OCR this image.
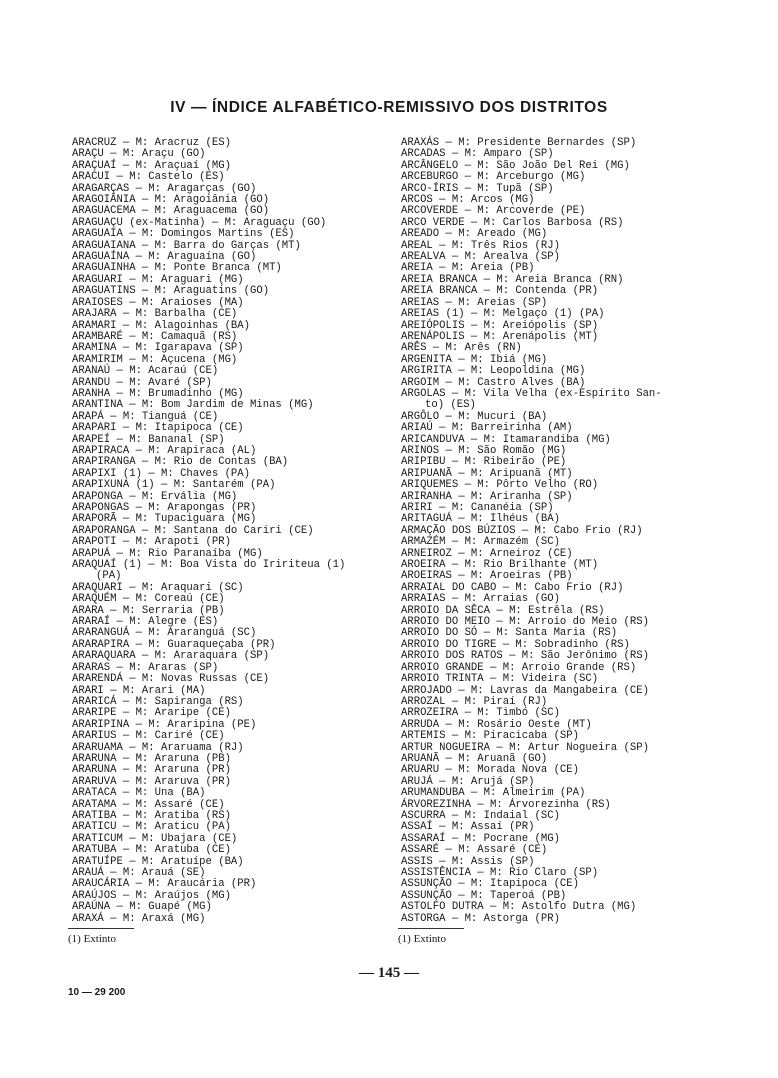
IV — ÍNDICE ALFABÉTICO-REMISSIVO DOS DISTRITOS
ARACRUZ — M: Aracruz (ES)
ARAÇU — M: Araçu (GO)
ARAÇUAÍ — M: Araçuaí (MG)
ARACUI — M: Castelo (ES)
ARAGARÇAS — M: Aragarças (GO)
ARAGOIÂNIA — M: Aragoiânia (GO)
ARAGUACEMA — M: Araguacema (GO)
ARAGUAÇU (ex-Matinha) — M: Araguaçu (GO)
ARAGUAIA — M: Domingos Martins (ES)
ARAGUAIANA — M: Barra do Garças (MT)
ARAGUAÍNA — M: Araguaína (GO)
ARAGUAINHA — M: Ponte Branca (MT)
ARAGUARI — M: Araguari (MG)
ARAGUATINS — M: Araguatins (GO)
ARAIOSES — M: Araioses (MA)
ARAJARA — M: Barbalha (CE)
ARAMARI — M: Alagoinhas (BA)
ARAMBARÉ — M: Camaquã (RS)
ARAMINA — M: Igarapava (SP)
ARAMIRIM — M: Açucena (MG)
ARANAÚ — M: Acaraú (CE)
ARANDU — M: Avaré (SP)
ARANHA — M: Brumadinho (MG)
ARANTINA — M: Bom Jardim de Minas (MG)
ARAPÁ — M: Tianguá (CE)
ARAPARI — M: Itapipoca (CE)
ARAPEÍ — M: Bananal (SP)
ARAPIRACA — M: Arapiraca (AL)
ARAPIRANGA — M: Rio de Contas (BA)
ARAPIXI (1) — M: Chaves (PA)
ARAPIXUNA (1) — M: Santarém (PA)
ARAPONGA — M: Ervália (MG)
ARAPONGAS — M: Arapongas (PR)
ARAPORÃ — M: Tupaciguara (MG)
ARAPORANGA — M: Santana do Cariri (CE)
ARAPOTI — M: Arapoti (PR)
ARAPUÁ — M: Rio Paranaíba (MG)
ARAQUAÍ (1) — M: Boa Vista do Iririteua (1)
(PA)
ARAQUARI — M: Araquari (SC)
ARAQUÉM — M: Coreaú (CE)
ARARA — M: Serraria (PB)
ARARAÍ — M: Alegre (ES)
ARARANGUÁ — M: Araranguá (SC)
ARARAPIRA — M: Guaraqueçaba (PR)
ARARAQUARA — M: Araraquara (SP)
ARARAS — M: Araras (SP)
ARARENDÁ — M: Novas Russas (CE)
ARARI — M: Arari (MA)
ARARICÁ — M: Sapiranga (RS)
ARARIPE — M: Araripe (CE)
ARARIPINA — M: Araripina (PE)
ARARIUS — M: Cariré (CE)
ARARUAMA — M: Araruama (RJ)
ARARUNA — M: Araruna (PB)
ARARUNA — M: Araruna (PR)
ARARUVA — M: Araruva (PR)
ARATACA — M: Una (BA)
ARATAMA — M: Assaré (CE)
ARATIBA — M: Aratiba (RS)
ARATICU — M: Araticu (PA)
ARATICUM — M: Ubajara (CE)
ARATUBA — M: Aratuba (CE)
ARATUÍPE — M: Aratuípe (BA)
ARAUÁ — M: Arauá (SE)
ARAUCÁRIA — M: Araucária (PR)
ARAÚJOS — M: Araújos (MG)
ARAÚNA — M: Guapé (MG)
ARAXÁ — M: Araxá (MG)
ARAXÁS — M: Presidente Bernardes (SP)
ARCADAS — M: Amparo (SP)
ARCÂNGELO — M: São João Del Rei (MG)
ARCEBURGO — M: Arceburgo (MG)
ARCO-ÍRIS — M: Tupã (SP)
ARCOS — M: Arcos (MG)
ARCOVERDE — M: Arcoverde (PE)
ARCO VERDE — M: Carlos Barbosa (RS)
AREADO — M: Areado (MG)
AREAL — M: Três Rios (RJ)
AREALVA — M: Arealva (SP)
AREIA — M: Areia (PB)
AREIA BRANCA — M: Areia Branca (RN)
AREIA BRANCA — M: Contenda (PR)
AREIAS — M: Areias (SP)
AREIAS (1) — M: Melgaço (1) (PA)
AREIÓPOLIS — M: Areiópolis (SP)
ARENÁPOLIS — M: Arenápolis (MT)
ARÊS — M: Arês (RN)
ARGENITA — M: Ibiá (MG)
ARGIRITA — M: Leopoldina (MG)
ARGOIM — M: Castro Alves (BA)
ARGOLAS — M: Vila Velha (ex-Espírito San-
to) (ES)
ARGÔLO — M: Mucuri (BA)
ARIAÚ — M: Barreirinha (AM)
ARICANDUVA — M: Itamarandiba (MG)
ARINOS — M: São Romão (MG)
ARIPIBU — M: Ribeirão (PE)
ARIPUANÃ — M: Aripuanã (MT)
ARIQUEMES — M: Pôrto Velho (RO)
ARIRANHA — M: Ariranha (SP)
ARIRI — M: Cananéia (SP)
ARITAGUÁ — M: Ilhéus (BA)
ARMAÇÃO DOS BÚZIOS — M: Cabo Frio (RJ)
ARMAZÉM — M: Armazém (SC)
ARNEIROZ — M: Arneiroz (CE)
AROEIRA — M: Rio Brilhante (MT)
AROEIRAS — M: Aroeiras (PB)
ARRAIAL DO CABO — M: Cabo Frio (RJ)
ARRAIAS — M: Arraias (GO)
ARROIO DA SÊCA — M: Estrêla (RS)
ARROIO DO MEIO — M: Arroio do Meio (RS)
ARROIO DO SÓ — M: Santa Maria (RS)
ARROIO DO TIGRE — M: Sobradinho (RS)
ARROIO DOS RATOS — M: São Jerônimo (RS)
ARROIO GRANDE — M: Arroio Grande (RS)
ARROIO TRINTA — M: Videira (SC)
ARROJADO — M: Lavras da Mangabeira (CE)
ARROZAL — M: Piraí (RJ)
ARROZEIRA — M: Timbó (SC)
ARRUDA — M: Rosário Oeste (MT)
ARTEMIS — M: Piracicaba (SP)
ARTUR NOGUEIRA — M: Artur Nogueira (SP)
ARUANÃ — M: Aruanã (GO)
ARUARU — M: Morada Nova (CE)
ARUJÁ — M: Arujá (SP)
ARUMANDUBA — M: Almeirim (PA)
ÁRVOREZINHA — M: Árvorezinha (RS)
ASCURRA — M: Indaial (SC)
ASSAÍ — M: Assaí (PR)
ASSARAÍ — M: Pocrane (MG)
ASSARÉ — M: Assaré (CE)
ASSIS — M: Assis (SP)
ASSISTÊNCIA — M: Rio Claro (SP)
ASSUNÇÃO — M: Itapipoca (CE)
ASSUNÇÃO — M: Taperoá (PB)
ASTOLFO DUTRA — M: Astolfo Dutra (MG)
ASTORGA — M: Astorga (PR)
(1) Extinto	(1) Extinto
— 145 —
10 — 29 200
